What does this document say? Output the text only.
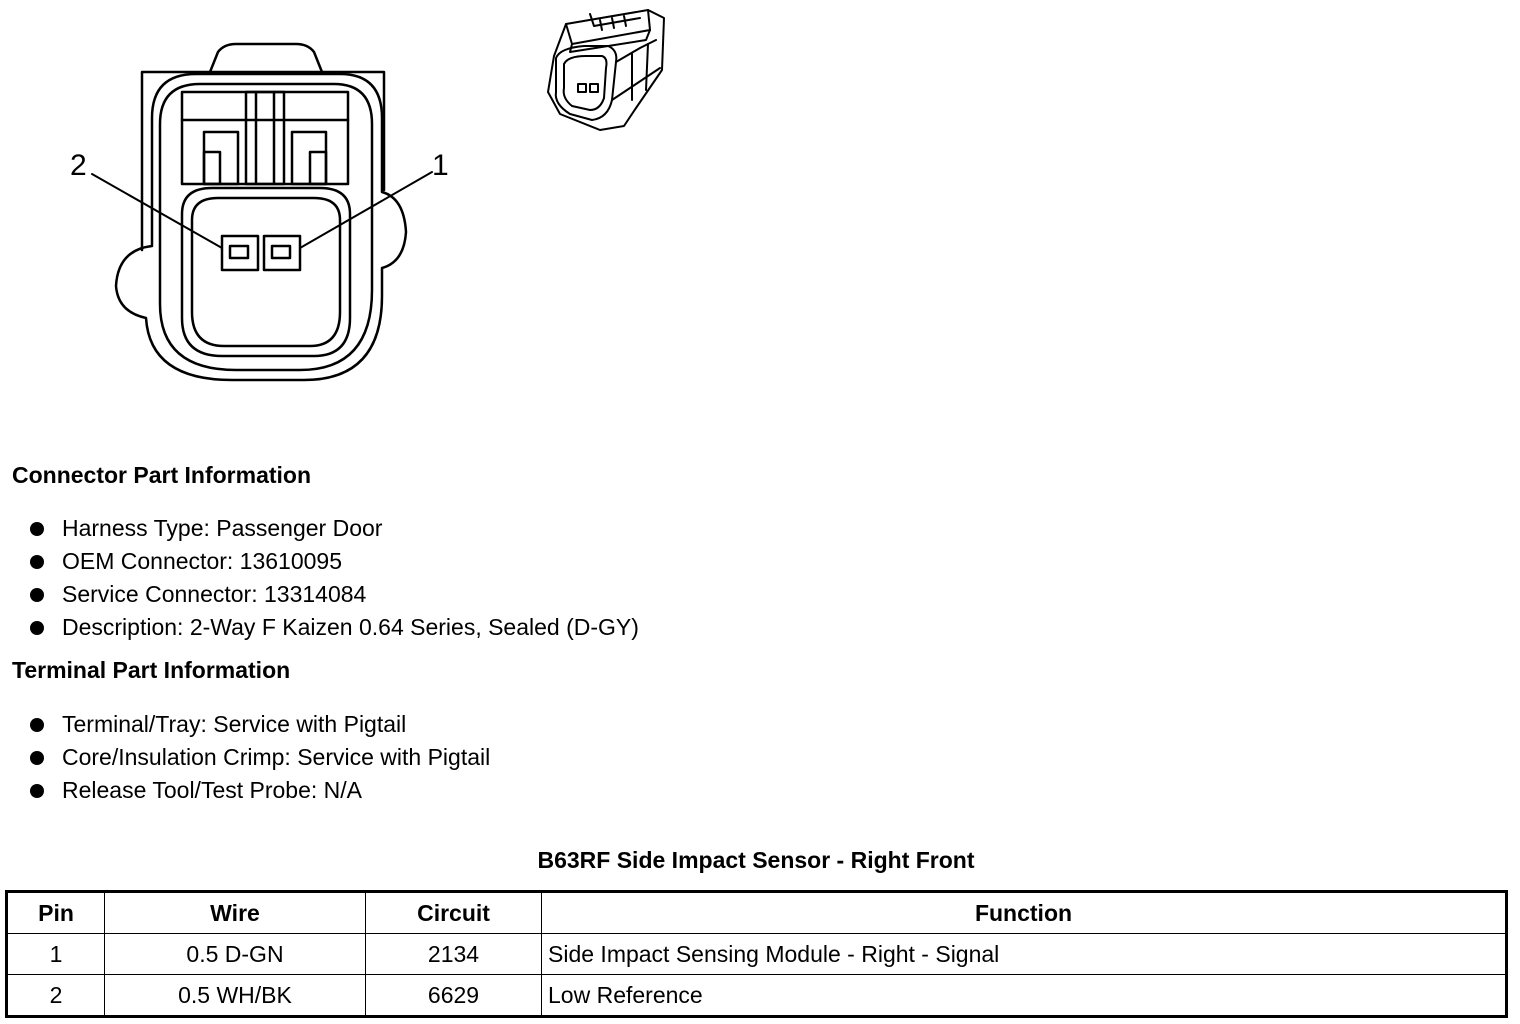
2	1
Connector Part Information
Harness Type: Passenger Door
OEM Connector: 13610095
Service Connector: 13314084
Description: 2-Way F Kaizen 0.64 Series, Sealed (D-GY)
Terminal Part Information
Terminal/Tray: Service with Pigtail
Core/Insulation Crimp: Service with Pigtail
Release Tool/Test Probe: N/A
B63RF Side Impact Sensor - Right Front
Pin	Wire	Circuit	Function
1	0.5 D-GN	2134	Side Impact Sensing Module - Right - Signal
2	0.5 WH/BK	6629	Low Reference
